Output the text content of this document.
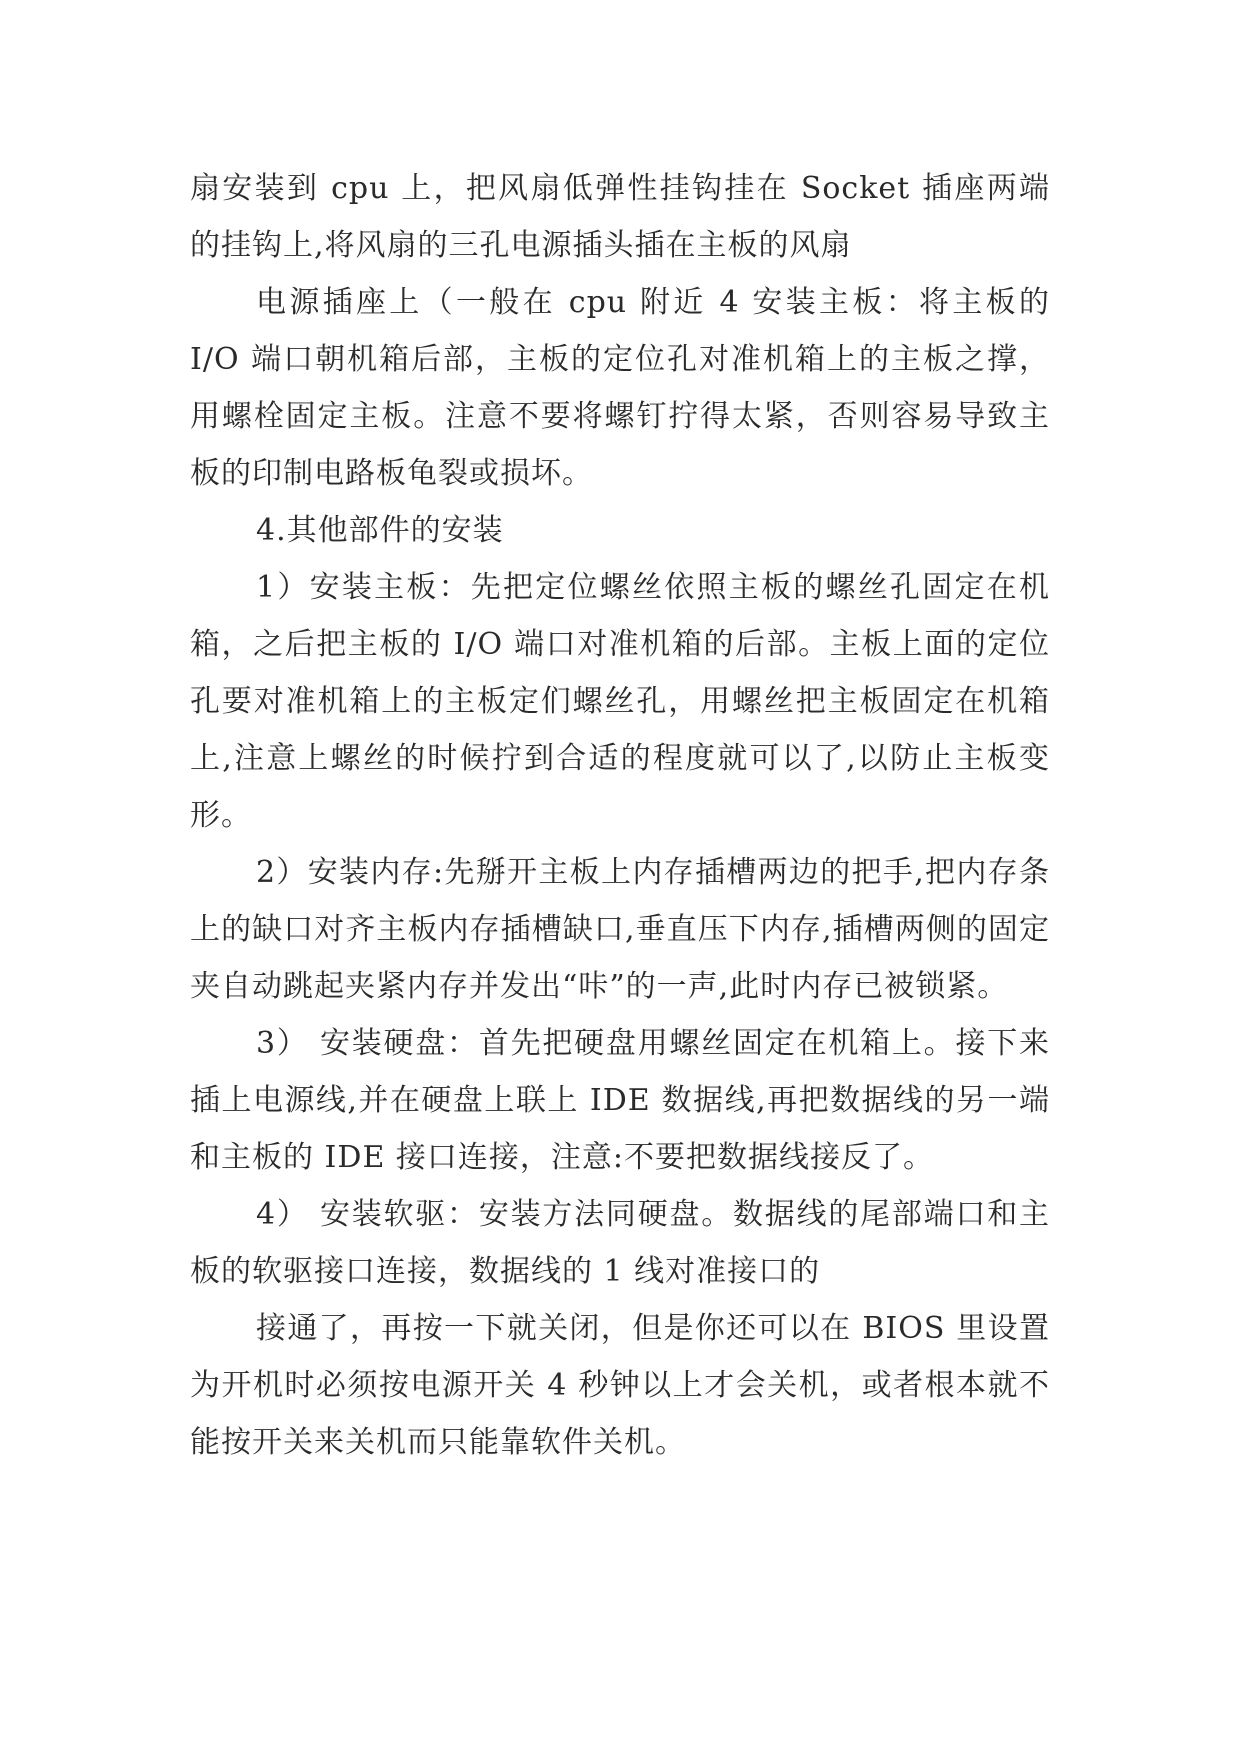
扇安装到 cpu 上，把风扇低弹性挂钩挂在 Socket 插座两端的挂钩上,将风扇的三孔电源插头插在主板的风扇

电源插座上（一般在 cpu 附近 4 安装主板：将主板的 I/O 端口朝机箱后部，主板的定位孔对准机箱上的主板之撑，用螺栓固定主板。注意不要将螺钉拧得太紧，否则容易导致主板的印制电路板龟裂或损坏。

4.其他部件的安装

1）安装主板：先把定位螺丝依照主板的螺丝孔固定在机箱，之后把主板的 I/O 端口对准机箱的后部。主板上面的定位孔要对准机箱上的主板定们螺丝孔，用螺丝把主板固定在机箱上,注意上螺丝的时候拧到合适的程度就可以了,以防止主板变形。

2）安装内存:先掰开主板上内存插槽两边的把手,把内存条上的缺口对齐主板内存插槽缺口,垂直压下内存,插槽两侧的固定夹自动跳起夹紧内存并发出“咔”的一声,此时内存已被锁紧。

3） 安装硬盘：首先把硬盘用螺丝固定在机箱上。接下来插上电源线,并在硬盘上联上 IDE 数据线,再把数据线的另一端和主板的 IDE 接口连接，注意:不要把数据线接反了。

4） 安装软驱：安装方法同硬盘。数据线的尾部端口和主板的软驱接口连接，数据线的 1 线对准接口的

接通了，再按一下就关闭，但是你还可以在 BIOS 里设置为开机时必须按电源开关 4 秒钟以上才会关机，或者根本就不能按开关来关机而只能靠软件关机。
